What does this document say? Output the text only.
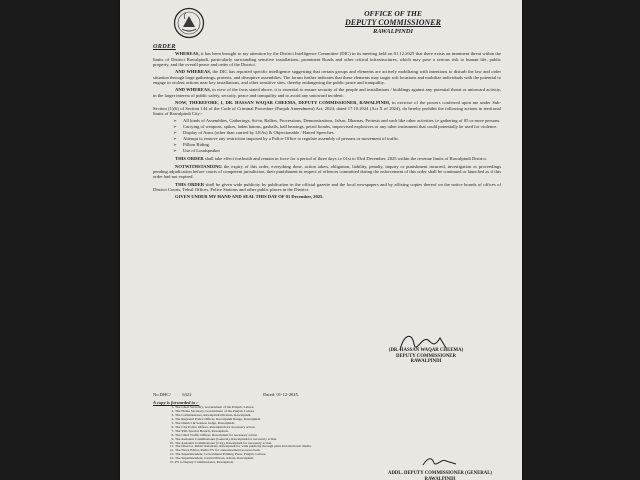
OFFICE OF THE
DEPUTY COMMISSIONER
RAWALPINDI
ORDER

WHEREAS, it has been brought to my attention by the District Intelligence Committee (DIC) in its meeting held on 01.12.2025 that there exists an imminent threat within the limits of District Rawalpindi, particularly surrounding sensitive installations, prominent Roads and other critical infrastructures, which may pose a serious risk to human life, public property, and the overall peace and order of the District.

AND WHEREAS, the DIC has reported specific intelligence suggesting that certain groups and elements are actively mobilizing with intentions to disturb the law and order situation through large gatherings, protests, and disruptive assemblies. The forum further indicates that these elements may target soft locations and mobilize individuals with the potential to engage in violent actions near key installations, and other sensitive sites, thereby endangering the public peace and tranquility.

AND WHEREAS, in view of the facts stated above, it is essential to ensure security of the people and installations / buildings against any potential threat or untoward activity, in the larger interest of public safety, security, peace and tranquility and to avoid any untoward incident.

NOW, THEREFORE, I, DR. HASSAN WAQAR CHEEMA, DEPUTY COMMISSIONER, RAWALPINDI, in exercise of the powers conferred upon me under Sub-Section (1)(6) of Section 144 of the Code of Criminal Procedure (Punjab Amendment) Act, 2024, dated 17.10.2024 (Act X of 2024), do hereby prohibit the following actions in territorial limits of Rawalpindi City:-

➢ All kinds of Assemblies, Gatherings, Sit-in, Rallies, Processions, Demonstrations, Jalsas, Dharnas, Protests and such like other activities i.e gathering of 05 or more persons.
➢ Carrying of weapons, spikes, laden batons, gasballs, ball bearings, petrol bombs, improvised explosives or any other instrument that could potentially be used for violence.
➢ Display of Arms (other than carried by LEAs) & Objectionable / Hatred Speeches.
➢ Attempt to remove any restriction imposed by a Police Office to regulate assembly of persons or movement of traffic.
➢ Pillion Riding.
➢ Use of Loudspeaker

THIS ORDER shall take effect forthwith and remain in force for a period of three days i.e 01st to 03rd December, 2025 within the revenue limits of Rawalpindi District.

NOTWITHSTANDING the expiry of this order, everything done, action taken, obligation, liability, penalty, inquiry or punishment incurred, investigation or proceedings pending adjudication before courts of competent jurisdiction, their punishment in respect of offences committed during the enforcement of this order shall be continued or launched as if this order had not expired.

THIS ORDER shall be given wide publicity by publication in the official gazette and the local newspapers and by affixing copies thereof on the notice boards of offices of District Courts, Tehsil Offices, Police Stations and other public places in the District.

GIVEN UNDER MY HAND AND SEAL THIS DAY OF 01 December, 2025.

(DR. HASSAN WAQAR CHEEMA)
DEPUTY COMMISSIONER
RAWALPINDI
No.DHC/	6322	Dated: 01-12-2025.
A copy is forwarded to :-
1. The Chief Secretary, Government of the Punjab, Lahore.
2. The Home Secretary, Government of the Punjab, Lahore.
3. The Commissioner, Rawalpindi Division, Rawalpindi.
4. The Regional Police Officer, Rawalpindi Range, Rawalpindi.
5. The District & Session Judge, Rawalpindi.
6. The City Police Officer, Rawalpindi for necessary action.
7. The SSP, Special Branch, Rawalpindi.
8. The Chief Traffic Officer, Rawalpindi for necessary action.
9. The Assistant Commissioner (General), Rawalpindi for necessary action.
10. The Assistant Commissioner (City), Rawalpindi for necessary action.
11. The Director, Public Relations, Rawalpindi for wide publicity through print and electronic media.
12. The News Editor, Radio/TV for announcement as news item.
13. The Superintendent, Government Printing Press, Punjab, Lahore.
14. The Superintendent, Central Prison, Adiala, Rawalpindi.
15. PS to Deputy Commissioner, Rawalpindi.
ADDL. DEPUTY COMMISSIONER (GENERAL)
RAWALPINDI
